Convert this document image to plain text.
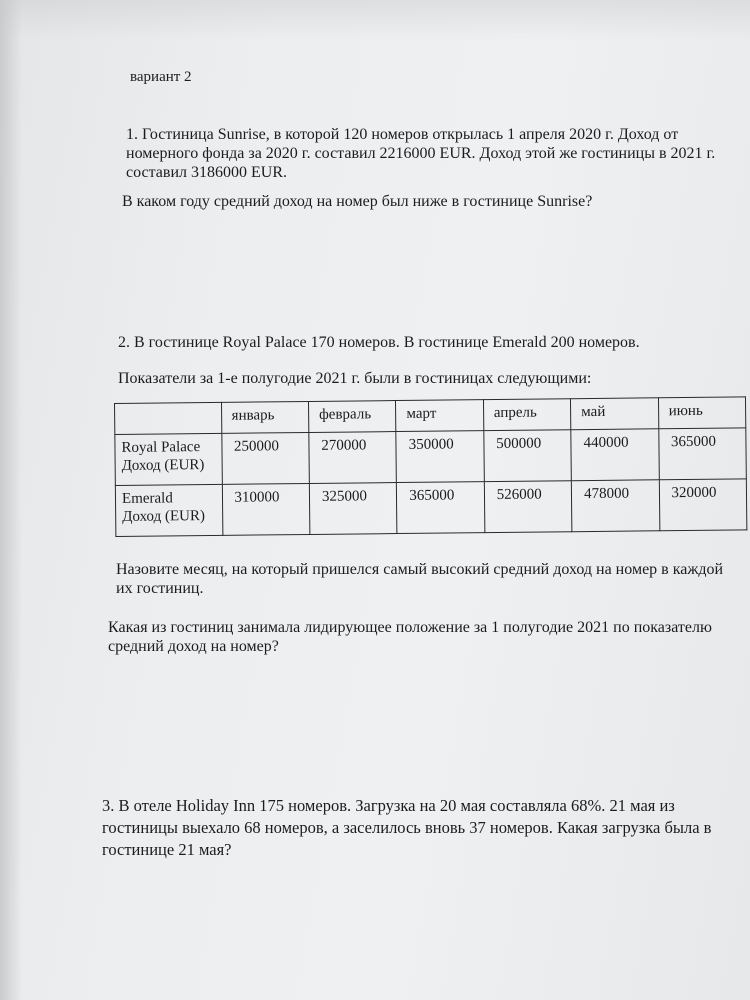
вариант 2

1. Гостиница Sunrise, в которой 120 номеров открылась 1 апреля 2020 г. Доход от
номерного фонда за 2020 г. составил 2216000 EUR. Доход этой же гостиницы в 2021 г.
составил 3186000 EUR.

В каком году средний доход на номер был ниже в гостинице Sunrise?

2. В гостинице Royal Palace 170 номеров. В гостинице Emerald 200 номеров.

Показатели за 1-е полугодие 2021 г. были в гостиницах следующими:

	январь	февраль	март	апрель	май	июнь
Royal Palace
Доход (EUR)	250000	270000	350000	500000	440000	365000
Emerald
Доход (EUR)	310000	325000	365000	526000	478000	320000

Назовите месяц, на который пришелся самый высокий средний доход на номер в каждой
их гостиниц.

Какая из гостиниц занимала лидирующее положение за 1 полугодие 2021 по показателю
средний доход на номер?

3. В отеле Holiday Inn 175 номеров. Загрузка на 20 мая составляла 68%. 21 мая из
гостиницы выехало 68 номеров, а заселилось вновь 37 номеров. Какая загрузка была в
гостинице 21 мая?
